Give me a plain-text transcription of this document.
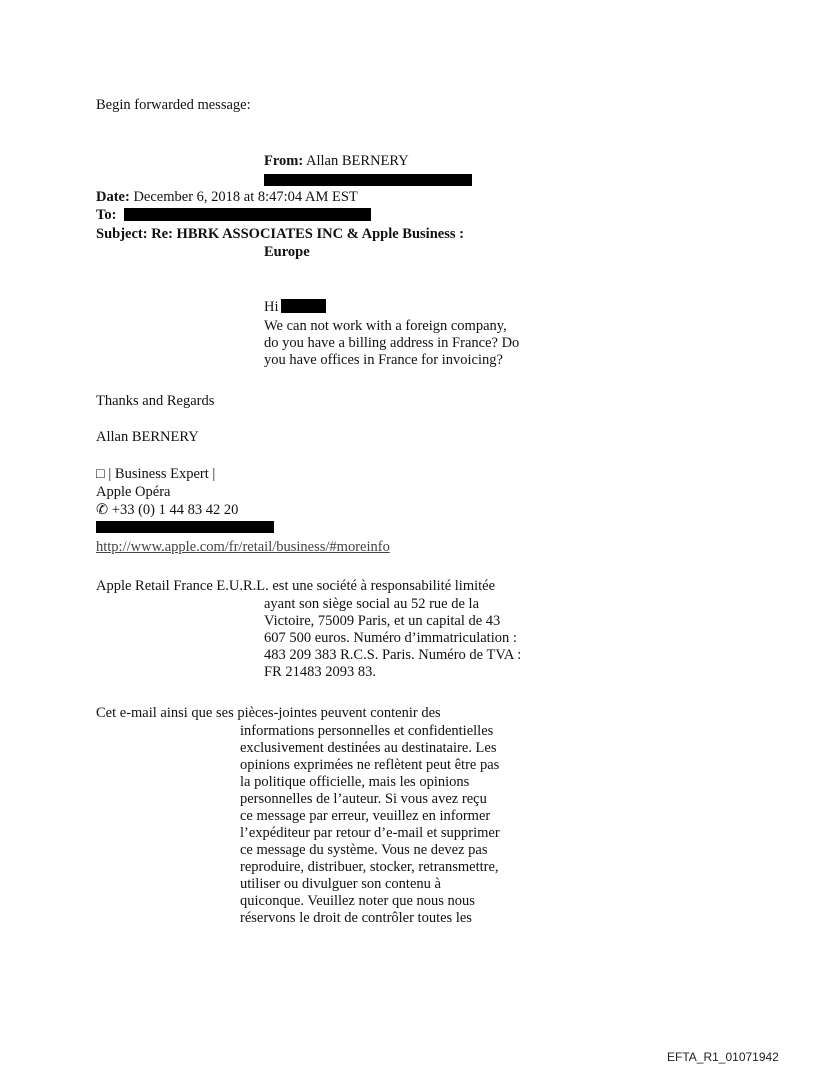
Begin forwarded message:
From: Allan BERNERY
Date: December 6, 2018 at 8:47:04 AM EST
To:
Subject: Re: HBRK ASSOCIATES INC & Apple Business :
Europe
Hi
We can not work with a foreign company,
do you have a billing address in France? Do
you have offices in France for invoicing?
Thanks and Regards
Allan BERNERY
□ | Business Expert |
Apple Opéra
✆ +33 (0) 1 44 83 42 20
http://www.apple.com/fr/retail/business/#moreinfo
Apple Retail France E.U.R.L. est une société à responsabilité limitée
ayant son siège social au 52 rue de la
Victoire, 75009 Paris, et un capital de 43
607 500 euros. Numéro d’immatriculation :
483 209 383 R.C.S. Paris. Numéro de TVA :
FR 21483 2093 83.
Cet e-mail ainsi que ses pièces-jointes peuvent contenir des
informations personnelles et confidentielles
exclusivement destinées au destinataire. Les
opinions exprimées ne reflètent peut être pas
la politique officielle, mais les opinions
personnelles de l’auteur. Si vous avez reçu
ce message par erreur, veuillez en informer
l’expéditeur par retour d’e-mail et supprimer
ce message du système. Vous ne devez pas
reproduire, distribuer, stocker, retransmettre,
utiliser ou divulguer son contenu à
quiconque. Veuillez noter que nous nous
réservons le droit de contrôler toutes les
EFTA_R1_01071942
